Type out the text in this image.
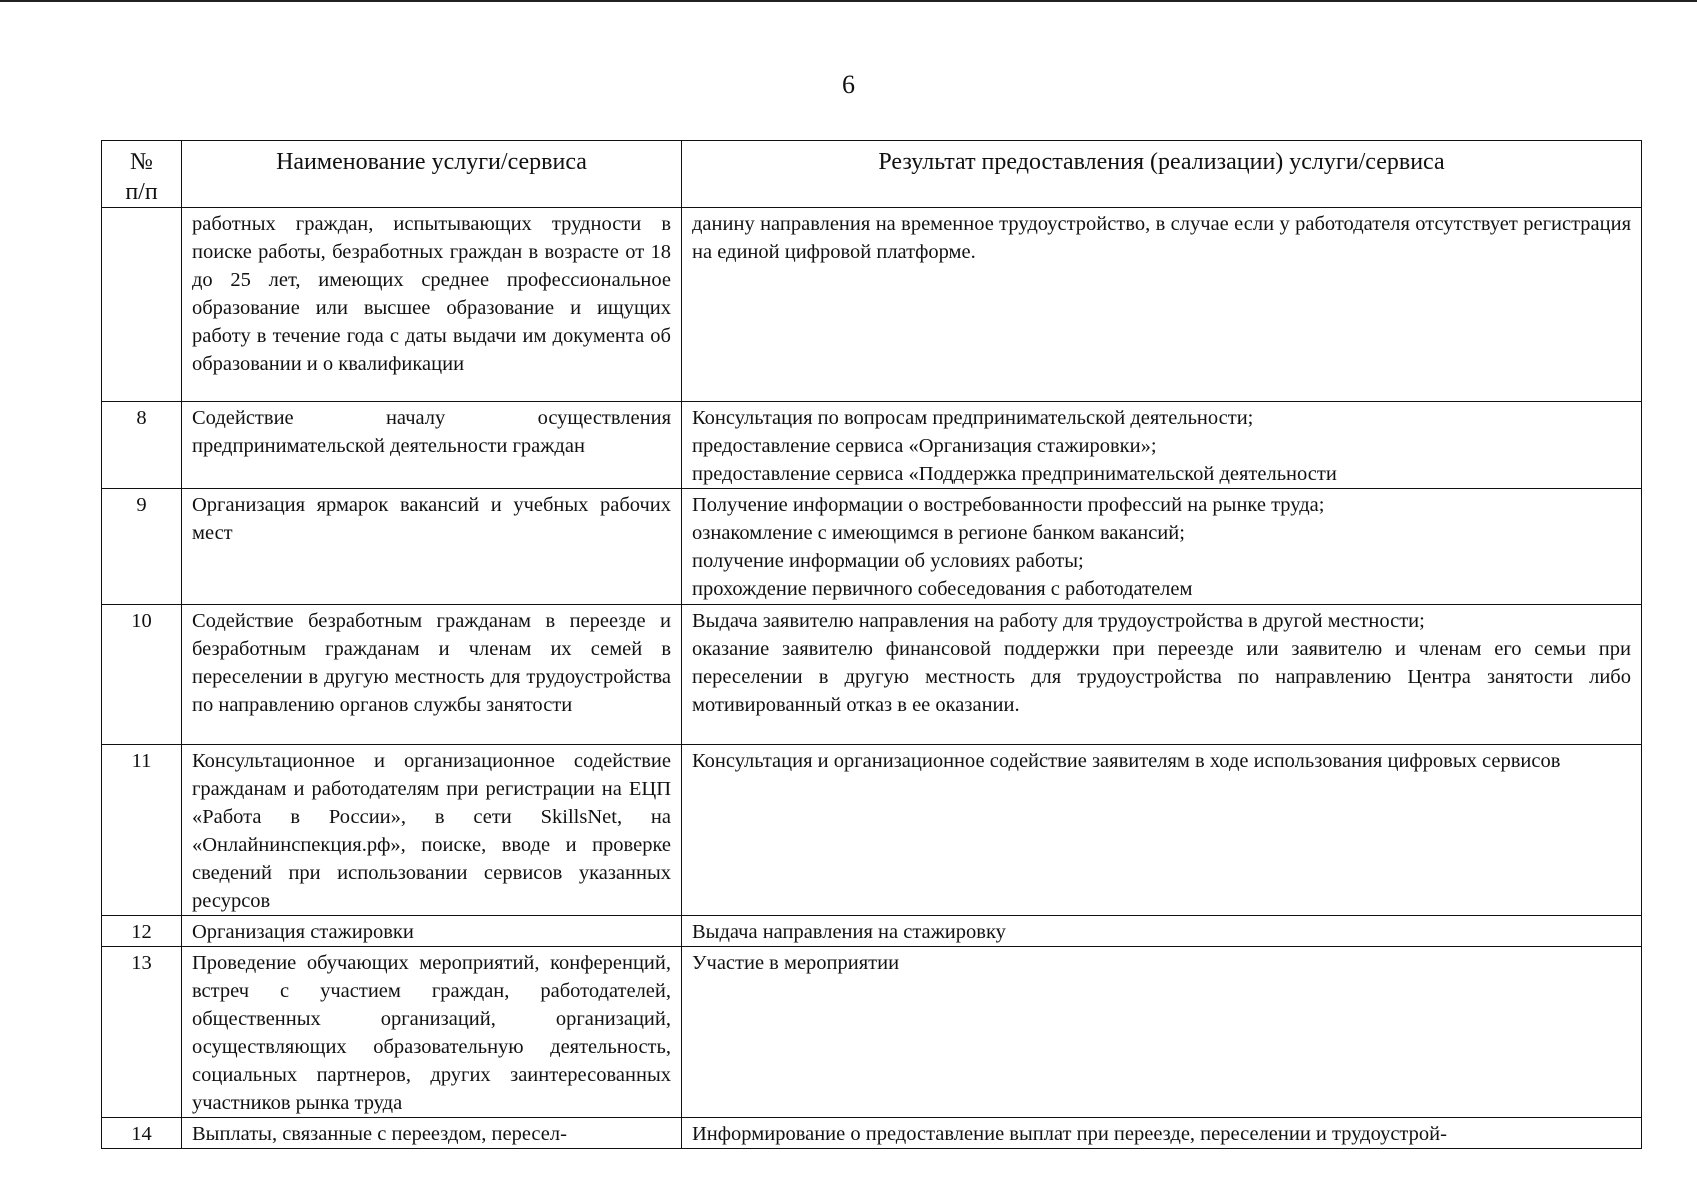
6
№
п/п	Наименование услуги/сервиса	Результат предоставления (реализации) услуги/сервиса
	работных граждан, испытывающих трудности в поиске работы, безработных граждан в возрасте от 18 до 25 лет, имеющих среднее профессиональное образование или высшее образование и ищущих работу в течение года с даты выдачи им документа об образовании и о квалификации	данину направления на временное трудоустройство, в случае если у работодателя отсутствует регистрация на единой цифровой платформе.

8	Содействие началу осуществления предпринимательской деятельности граждан	Консультация по вопросам предпринимательской деятельности;
предоставление сервиса «Организация стажировки»;
предоставление сервиса «Поддержка предпринимательской деятельности

9	Организация ярмарок вакансий и учебных рабочих мест	Получение информации о востребованности профессий на рынке труда;
ознакомление с имеющимся в регионе банком вакансий;
получение информации об условиях работы;
прохождение первичного собеседования с работодателем

10	Содействие безработным гражданам в переезде и безработным гражданам и членам их семей в переселении в другую местность для трудоустройства по направлению органов службы занятости	Выдача заявителю направления на работу для трудоустройства в другой местности;
оказание заявителю финансовой поддержки при переезде или заявителю и членам его семьи при переселении в другую местность для трудоустройства по направлению Центра занятости либо мотивированный отказ в ее оказании.

11	Консультационное и организационное содействие гражданам и работодателям при регистрации на ЕЦП «Работа в России», в сети SkillsNet, на «Онлайнинспекция.рф», поиске, вводе и проверке сведений при использовании сервисов указанных ресурсов	Консультация и организационное содействие заявителям в ходе использования цифровых сервисов

12	Организация стажировки	Выдача направления на стажировку

13	Проведение обучающих мероприятий, конференций, встреч с участием граждан, работодателей, общественных организаций, организаций, осуществляющих образовательную деятельность, социальных партнеров, других заинтересованных участников рынка труда	Участие в мероприятии

14	Выплаты, связанные с переездом, пересел-	Информирование о предоставление выплат при переезде, переселении и трудоустрой-
